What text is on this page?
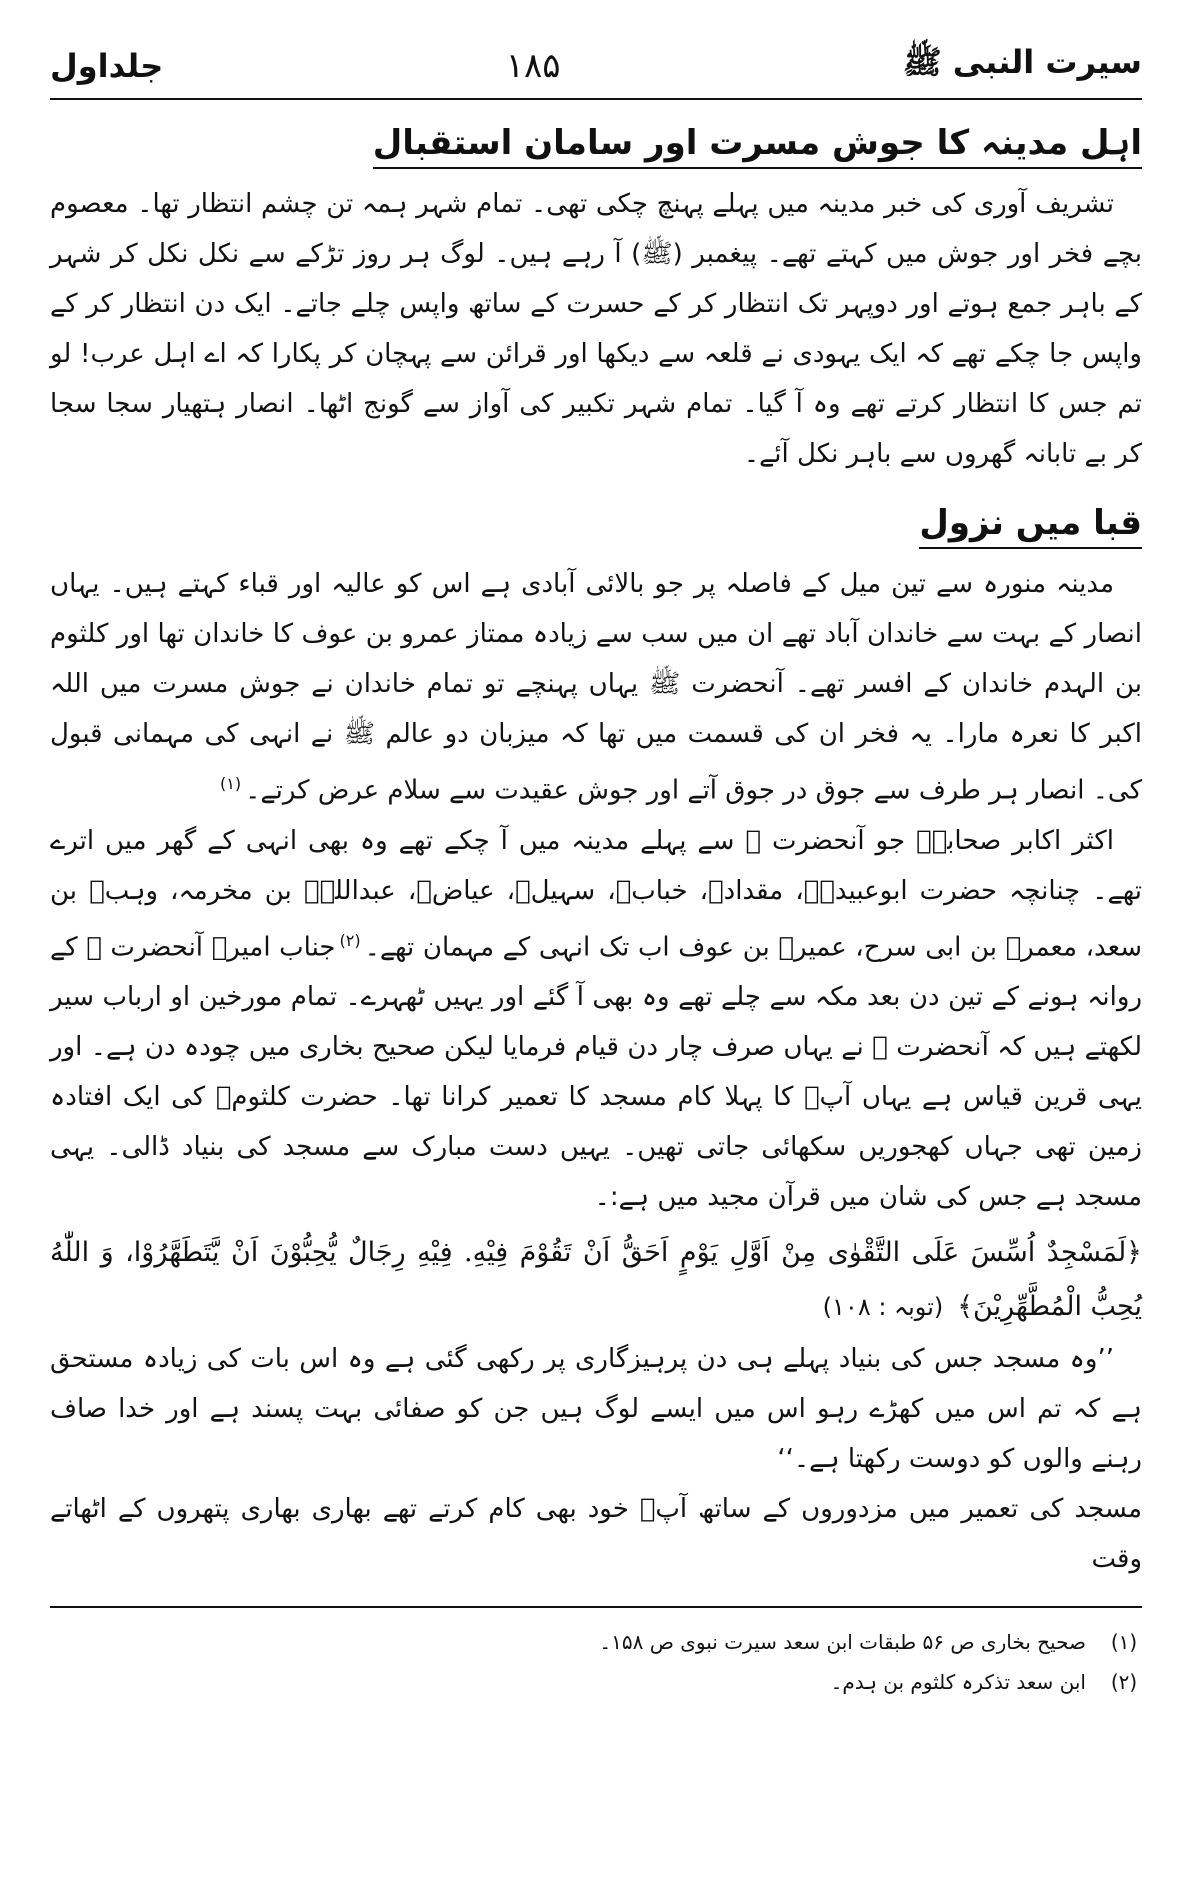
سیرت النبی ﷺ
۱۸۵
جلداول
اہل مدینہ کا جوش مسرت اور سامان استقبال

تشریف آوری کی خبر مدینہ میں پہلے پہنچ چکی تھی۔ تمام شہر ہمہ تن چشم انتظار تھا۔ معصوم بچے فخر اور جوش میں کہتے تھے۔ پیغمبر (ﷺ) آ رہے ہیں۔ لوگ ہر روز تڑکے سے نکل نکل کر شہر کے باہر جمع ہوتے اور دوپہر تک انتظار کر کے حسرت کے ساتھ واپس چلے جاتے۔ ایک دن انتظار کر کے واپس جا چکے تھے کہ ایک یہودی نے قلعہ سے دیکھا اور قرائن سے پہچان کر پکارا کہ اے اہل عرب! لو تم جس کا انتظار کرتے تھے وہ آ گیا۔ تمام شہر تکبیر کی آواز سے گونج اٹھا۔ انصار ہتھیار سجا سجا کر بے تابانہ گھروں سے باہر نکل آئے۔

قبا میں نزول

مدینہ منورہ سے تین میل کے فاصلہ پر جو بالائی آبادی ہے اس کو عالیہ اور قباء کہتے ہیں۔ یہاں انصار کے بہت سے خاندان آباد تھے ان میں سب سے زیادہ ممتاز عمرو بن عوف کا خاندان تھا اور کلثوم بن الہدم خاندان کے افسر تھے۔ آنحضرت ﷺ یہاں پہنچے تو تمام خاندان نے جوش مسرت میں اللہ اکبر کا نعرہ مارا۔ یہ فخر ان کی قسمت میں تھا کہ میزبان دو عالم ﷺ نے انہی کی مہمانی قبول کی۔ انصار ہر طرف سے جوق در جوق آتے اور جوش عقیدت سے سلام عرض کرتے۔$^{(۱)}$

اکثر اکابر صحابہؓ جو آنحضرت ﷺ سے پہلے مدینہ میں آ چکے تھے وہ بھی انہی کے گھر میں اترے تھے۔ چنانچہ حضرت ابوعبیدہؓ، مقدادؓ، خبابؓ، سہیلؓ، عیاضؓ، عبداللہؓ بن مخرمہ، وہبؓ بن سعد، معمرؓ بن ابی سرح، عمیرؓ بن عوف اب تک انہی کے مہمان تھے۔$^{(۲)}$جناب امیرؓ آنحضرت ﷺ کے روانہ ہونے کے تین دن بعد مکہ سے چلے تھے وہ بھی آ گئے اور یہیں ٹھہرے۔ تمام مورخین او ارباب سیر لکھتے ہیں کہ آنحضرت ﷺ نے یہاں صرف چار دن قیام فرمایا لیکن صحیح بخاری میں چودہ دن ہے۔ اور یہی قرین قیاس ہے یہاں آپؐ کا پہلا کام مسجد کا تعمیر کرانا تھا۔ حضرت کلثومؓ کی ایک افتادہ زمین تھی جہاں کھجوریں سکھائی جاتی تھیں۔ یہیں دست مبارک سے مسجد کی بنیاد ڈالی۔ یہی مسجد ہے جس کی شان میں قرآن مجید میں ہے:۔

﴿لَمَسْجِدٌ اُسِّسَ عَلَى التَّقْوٰى مِنْ اَوَّلِ يَوْمٍ اَحَقُّ اَنْ تَقُوْمَ فِيْهِ. فِيْهِ رِجَالٌ يُّحِبُّوْنَ اَنْ يَّتَطَهَّرُوْا، وَ اللّٰهُ يُحِبُّ الْمُطَّهِّرِيْنَ﴾(توبہ : ۱۰۸)

’’وہ مسجد جس کی بنیاد پہلے ہی دن پرہیزگاری پر رکھی گئی ہے وہ اس بات کی زیادہ مستحق ہے کہ تم اس میں کھڑے رہو اس میں ایسے لوگ ہیں جن کو صفائی بہت پسند ہے اور خدا صاف رہنے والوں کو دوست رکھتا ہے۔‘‘

مسجد کی تعمیر میں مزدوروں کے ساتھ آپؐ خود بھی کام کرتے تھے بھاری بھاری پتھروں کے اٹھاتے وقت

(۱)
صحیح بخاری ص ۵۶ طبقات ابن سعد سیرت نبوی ص ۱۵۸۔
(۲)
ابن سعد تذکرہ کلثوم بن ہدم۔
